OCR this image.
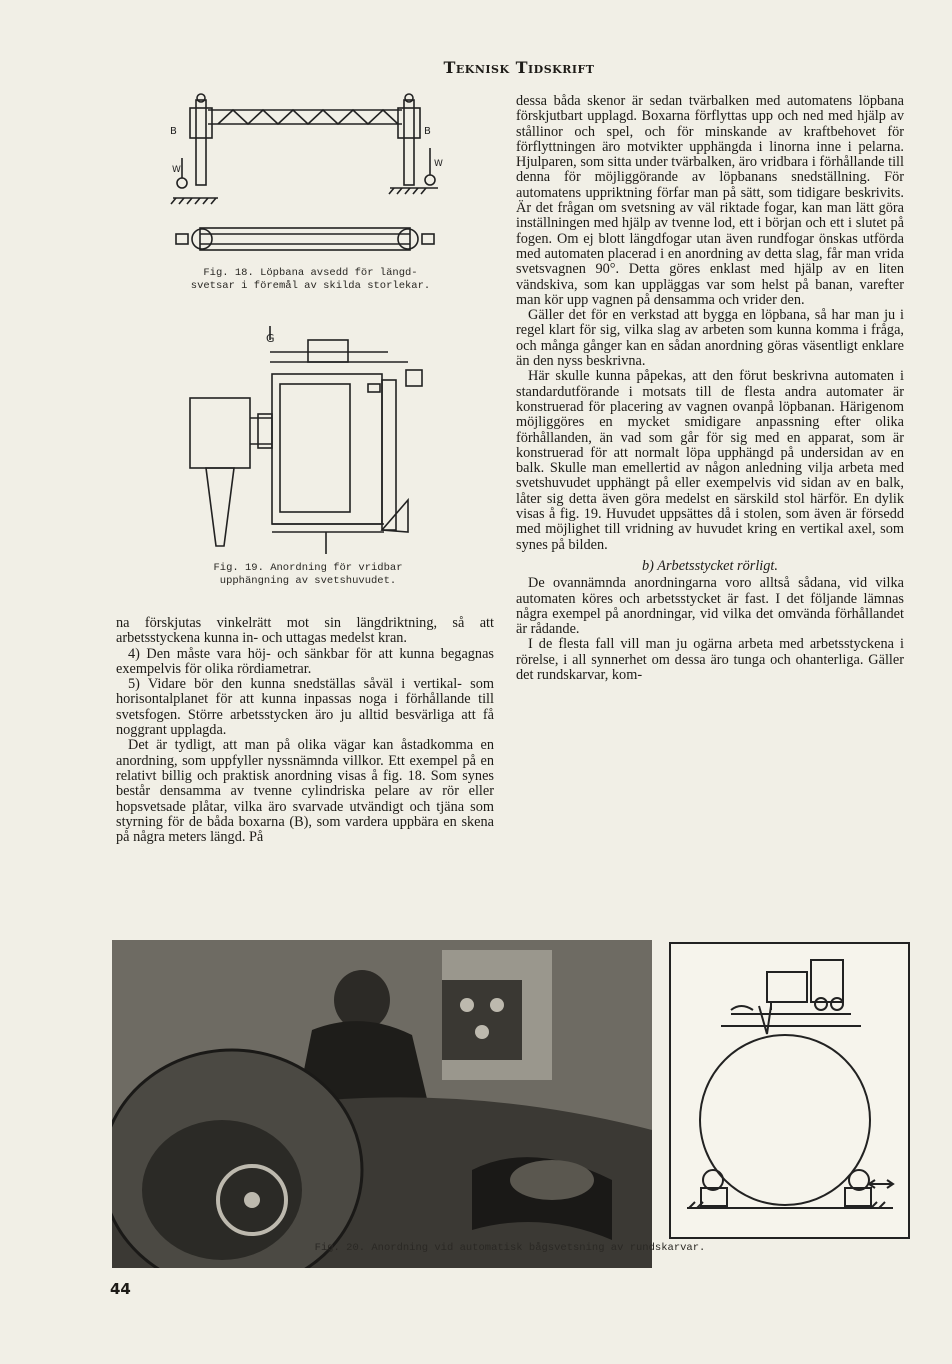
Teknisk Tidskrift
B	B
W
W
Fig. 18. Löpbana avsedd för längd-
svetsar i föremål av skilda storlekar.
G
Fig. 19. Anordning för vridbar
upphängning av svetshuvudet.

na förskjutas vinkelrätt mot sin längdriktning, så att arbetsstyckena kunna in- och uttagas medelst kran.

4) Den måste vara höj- och sänkbar för att kunna begagnas exempelvis för olika rördiametrar.

5) Vidare bör den kunna snedställas såväl i vertikal- som horisontalplanet för att kunna inpassas noga i förhållande till svetsfogen. Större arbetsstycken äro ju alltid besvärliga att få noggrant upplagda.

Det är tydligt, att man på olika vägar kan åstadkomma en anordning, som uppfyller nyssnämnda villkor. Ett exempel på en relativt billig och praktisk anordning visas å fig. 18. Som synes består densamma av tvenne cylindriska pelare av rör eller hopsvetsade plåtar, vilka äro svarvade utvändigt och tjäna som styrning för de båda boxarna (B), som vardera uppbära en skena på några meters längd. På

dessa båda skenor är sedan tvärbalken med automatens löpbana förskjutbart upplagd. Boxarna förflyttas upp och ned med hjälp av stållinor och spel, och för minskande av kraftbehovet för förflyttningen äro motvikter upphängda i linorna inne i pelarna. Hjulparen, som sitta under tvärbalken, äro vridbara i förhållande till denna för möjliggörande av löpbanans snedställning. För automatens uppriktning förfar man på sätt, som tidigare beskrivits. Är det frågan om svetsning av väl riktade fogar, kan man lätt göra inställningen med hjälp av tvenne lod, ett i början och ett i slutet på fogen. Om ej blott längdfogar utan även rundfogar önskas utförda med automaten placerad i en anordning av detta slag, får man vrida svetsvagnen 90°. Detta göres enklast med hjälp av en liten vändskiva, som kan uppläggas var som helst på banan, varefter man kör upp vagnen på densamma och vrider den.

Gäller det för en verkstad att bygga en löpbana, så har man ju i regel klart för sig, vilka slag av arbeten som kunna komma i fråga, och många gånger kan en sådan anordning göras väsentligt enklare än den nyss beskrivna.

Här skulle kunna påpekas, att den förut beskrivna automaten i standardutförande i motsats till de flesta andra automater är konstruerad för placering av vagnen ovanpå löpbanan. Härigenom möjliggöres en mycket smidigare anpassning efter olika förhållanden, än vad som går för sig med en apparat, som är konstruerad för att normalt löpa upphängd på undersidan av en balk. Skulle man emellertid av någon anledning vilja arbeta med svetshuvudet upphängt på eller exempelvis vid sidan av en balk, låter sig detta även göra medelst en särskild stol härför. En dylik visas å fig. 19. Huvudet uppsättes då i stolen, som även är försedd med möjlighet till vridning av huvudet kring en vertikal axel, som synes på bilden.

b) Arbetsstycket rörligt.

De ovannämnda anordningarna voro alltså sådana, vid vilka automaten köres och arbetsstycket är fast. I det följande lämnas några exempel på anordningar, vid vilka det omvända förhållandet är rådande.

I de flesta fall vill man ju ogärna arbeta med arbetsstyckena i rörelse, i all synnerhet om dessa äro tunga och ohanterliga. Gäller det rundskarvar, kom-

Fig. 20. Anordning vid automatisk bågsvetsning av rundskarvar.
44
